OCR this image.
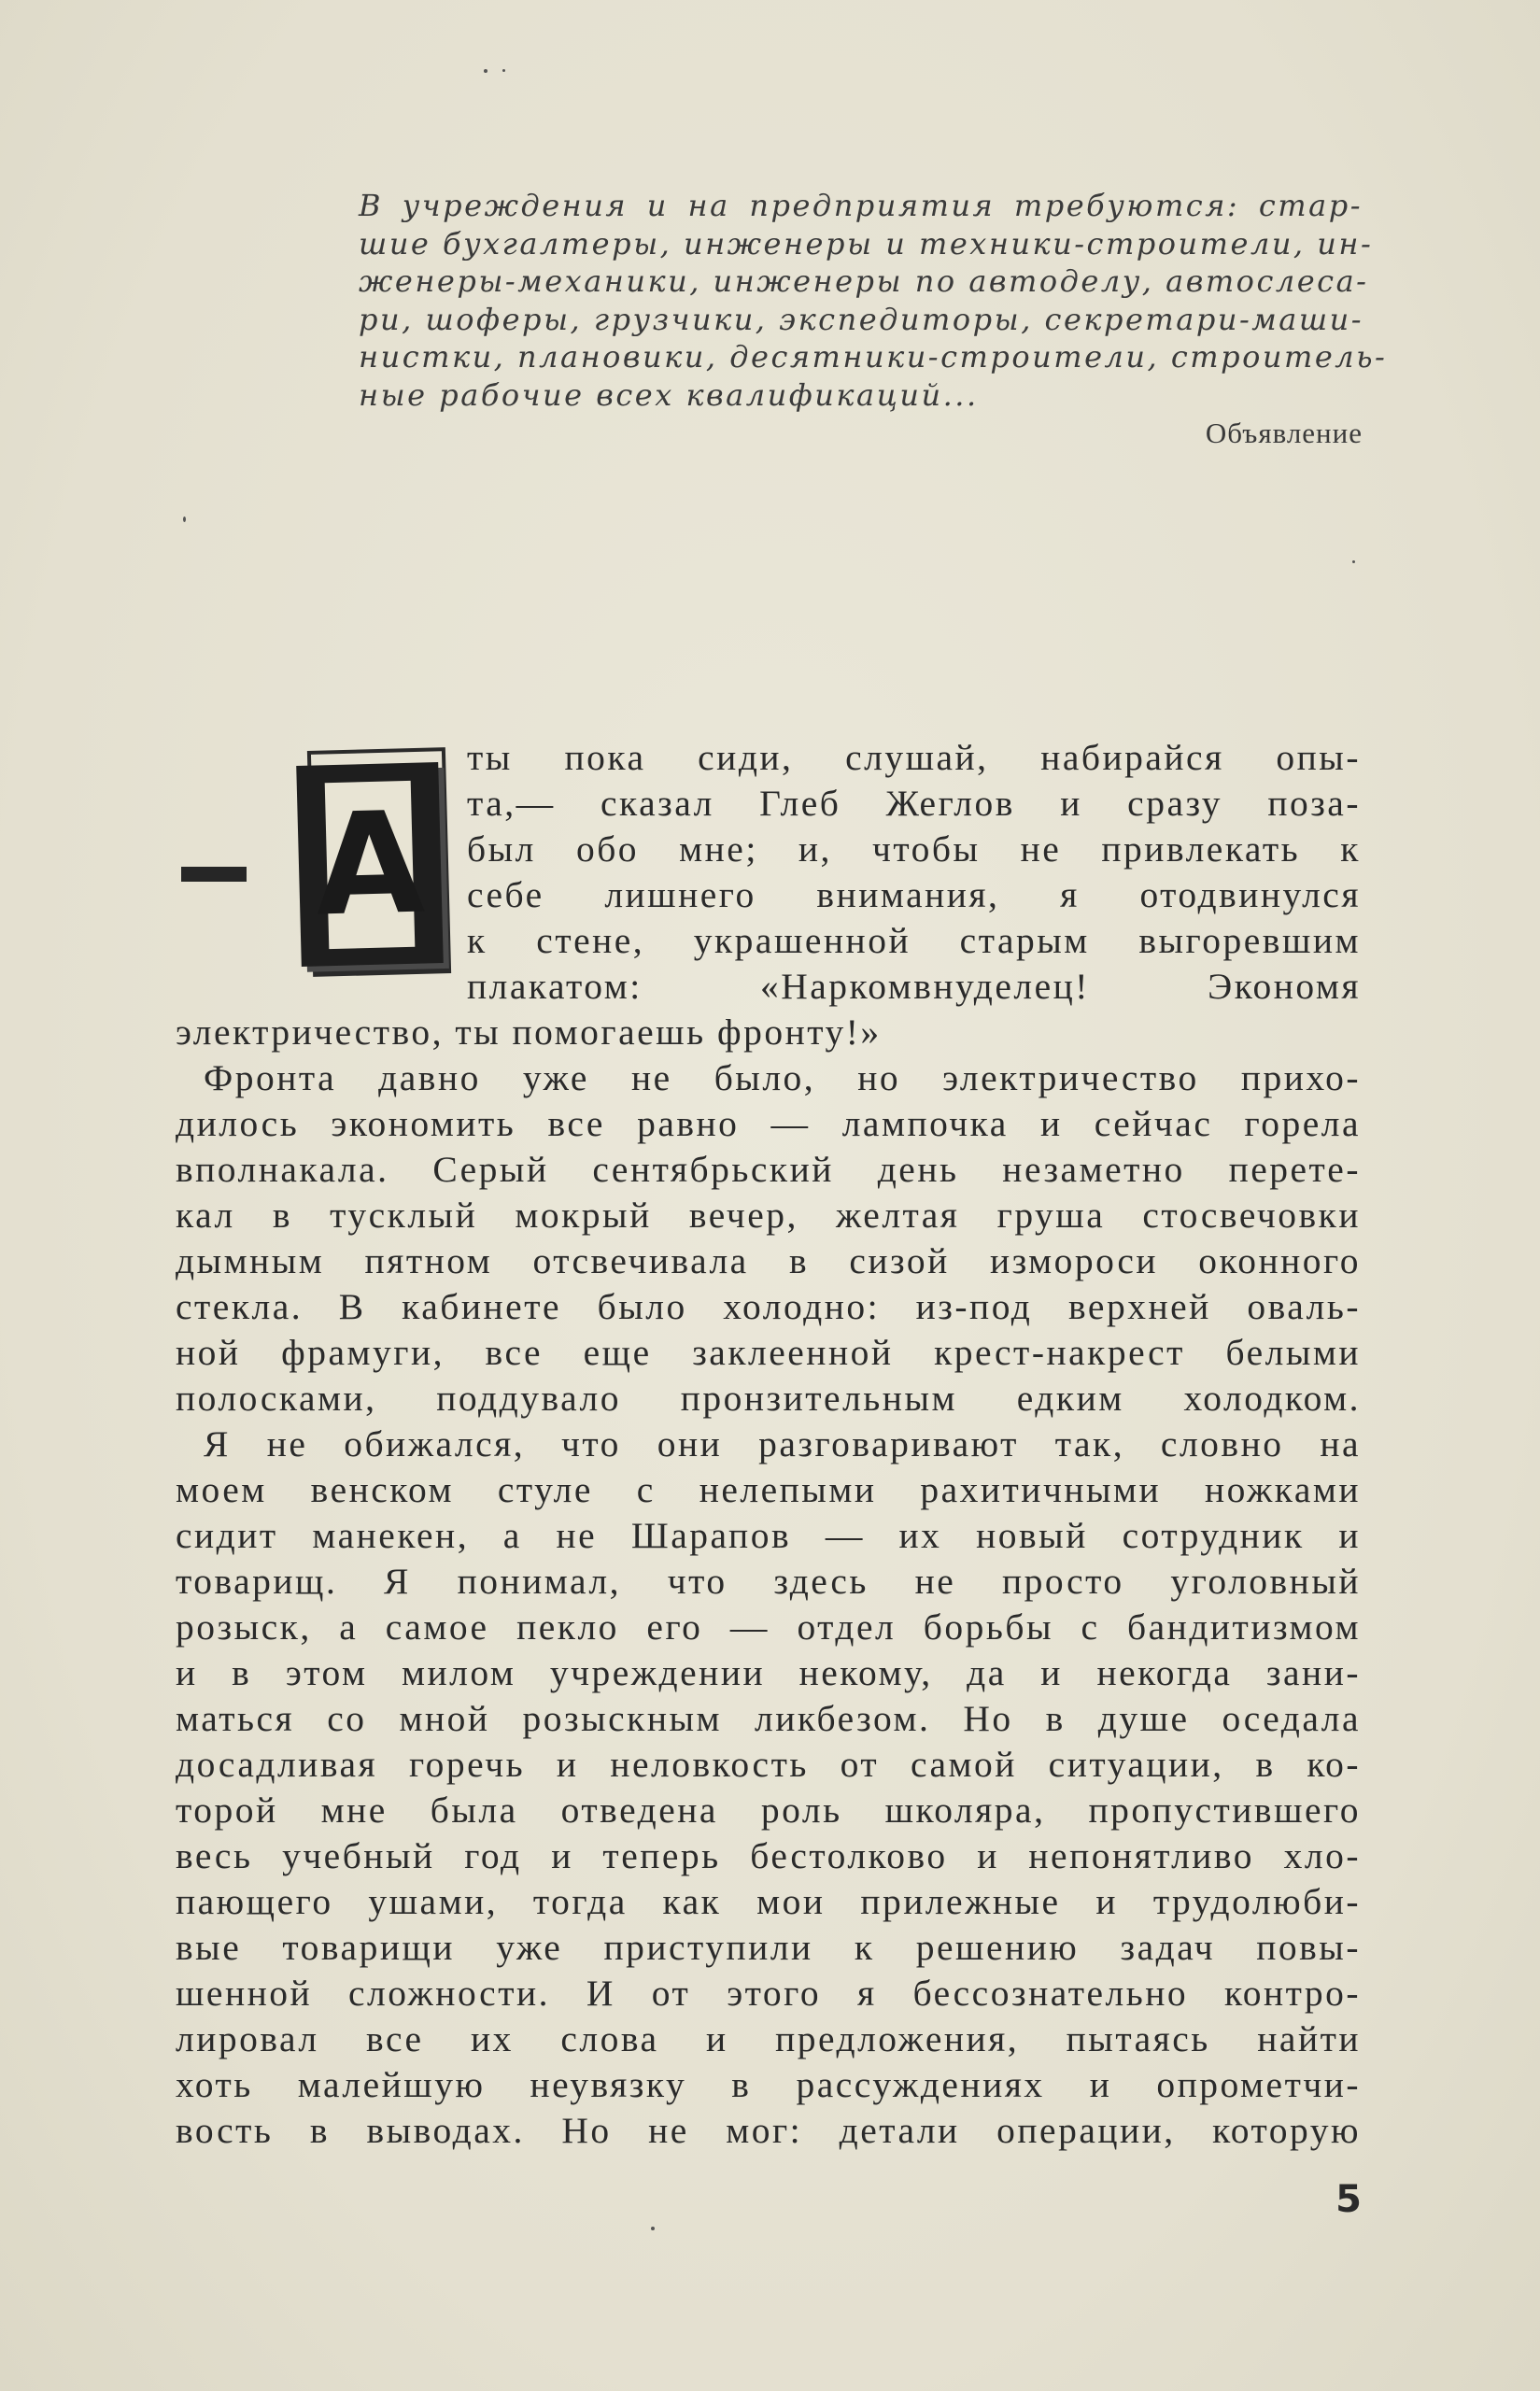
В учреждения и на предприятия требуются: стар-
шие бухгалтеры, инженеры и техники-строители, ин-
женеры-механики, инженеры по автоделу, автослеса-
ри, шоферы, грузчики, экспедиторы, секретари-маши-
нистки, плановики, десятники-строители, строитель-
ные рабочие всех квалификаций...
Объявление
А
ты пока сиди, слушай, набирайся опы-
та,— сказал Глеб Жеглов и сразу поза-
был обо мне; и, чтобы не привлекать к
себе лишнего внимания, я отодвинулся
к стене, украшенной старым выгоревшим
плакатом: «Наркомвнуделец! Экономя
электричество, ты помогаешь фронту!»
Фронта давно уже не было, но электричество прихо-
дилось экономить все равно — лампочка и сейчас горела
вполнакала. Серый сентябрьский день незаметно перете-
кал в тусклый мокрый вечер, желтая груша стосвечовки
дымным пятном отсвечивала в сизой измороси оконного
стекла. В кабинете было холодно: из-под верхней оваль-
ной фрамуги, все еще заклеенной крест-накрест белыми
полосками, поддувало пронзительным едким холодком.
Я не обижался, что они разговаривают так, словно на
моем венском стуле с нелепыми рахитичными ножками
сидит манекен, а не Шарапов — их новый сотрудник и
товарищ. Я понимал, что здесь не просто уголовный
розыск, а самое пекло его — отдел борьбы с бандитизмом
и в этом милом учреждении некому, да и некогда зани-
маться со мной розыскным ликбезом. Но в душе оседала
досадливая горечь и неловкость от самой ситуации, в ко-
торой мне была отведена роль школяра, пропустившего
весь учебный год и теперь бестолково и непонятливо хло-
пающего ушами, тогда как мои прилежные и трудолюби-
вые товарищи уже приступили к решению задач повы-
шенной сложности. И от этого я бессознательно контро-
лировал все их слова и предложения, пытаясь найти
хоть малейшую неувязку в рассуждениях и опрометчи-
вость в выводах. Но не мог: детали операции, которую
5
